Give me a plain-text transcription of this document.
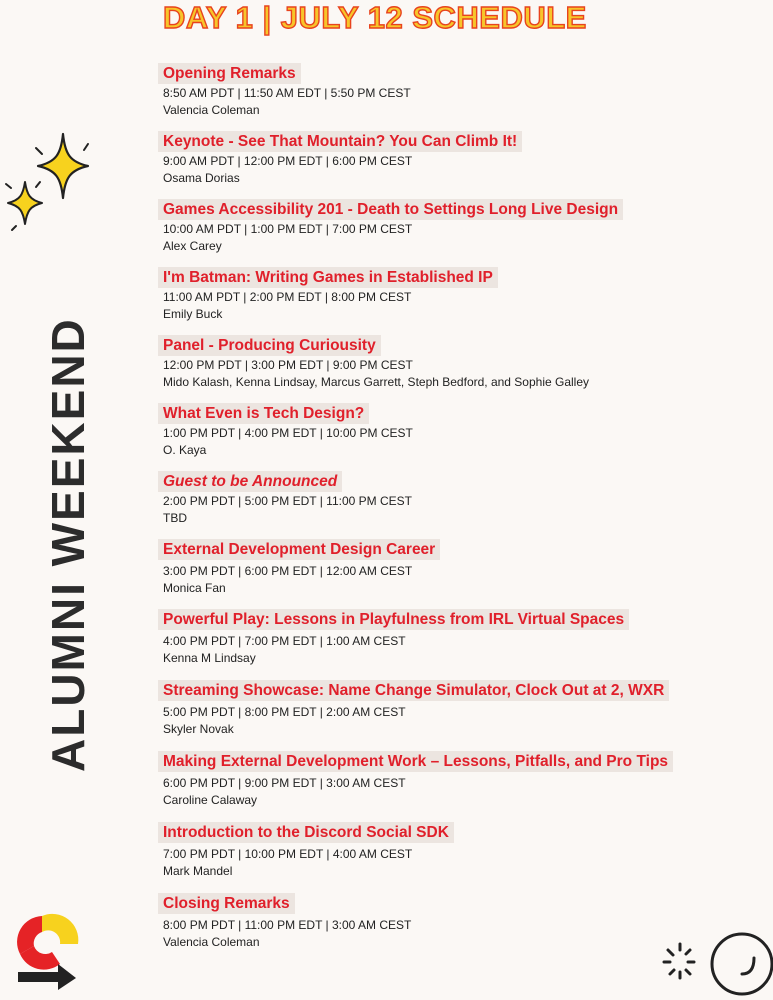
DAY 1 | JULY 12 SCHEDULE
ALUMNI WEEKEND
Opening Remarks
8:50 AM PDT | 11:50 AM EDT | 5:50 PM CEST
Valencia Coleman
Keynote - See That Mountain? You Can Climb It!
9:00 AM PDT | 12:00 PM EDT | 6:00 PM CEST
Osama Dorias
Games Accessibility 201 - Death to Settings Long Live Design
10:00 AM PDT | 1:00 PM EDT | 7:00 PM CEST
Alex Carey
I'm Batman: Writing Games in Established IP
11:00 AM PDT | 2:00 PM EDT | 8:00 PM CEST
Emily Buck
Panel - Producing Curiousity
12:00 PM PDT | 3:00 PM EDT | 9:00 PM CEST
Mido Kalash, Kenna Lindsay, Marcus Garrett, Steph Bedford, and Sophie Galley
What Even is Tech Design?
1:00 PM PDT | 4:00 PM EDT | 10:00 PM CEST
O. Kaya
Guest to be Announced
2:00 PM PDT | 5:00 PM EDT | 11:00 PM CEST
TBD
External Development Design Career
3:00 PM PDT | 6:00 PM EDT | 12:00 AM CEST
Monica Fan
Powerful Play: Lessons in Playfulness from IRL Virtual Spaces
4:00 PM PDT | 7:00 PM EDT | 1:00 AM CEST
Kenna M Lindsay
Streaming Showcase: Name Change Simulator, Clock Out at 2, WXR
5:00 PM PDT | 8:00 PM EDT | 2:00 AM CEST
Skyler Novak
Making External Development Work – Lessons, Pitfalls, and Pro Tips
6:00 PM PDT | 9:00 PM EDT | 3:00 AM CEST
Caroline Calaway
Introduction to the Discord Social SDK
7:00 PM PDT | 10:00 PM EDT | 4:00 AM CEST
Mark Mandel
Closing Remarks
8:00 PM PDT | 11:00 PM EDT | 3:00 AM CEST
Valencia Coleman
